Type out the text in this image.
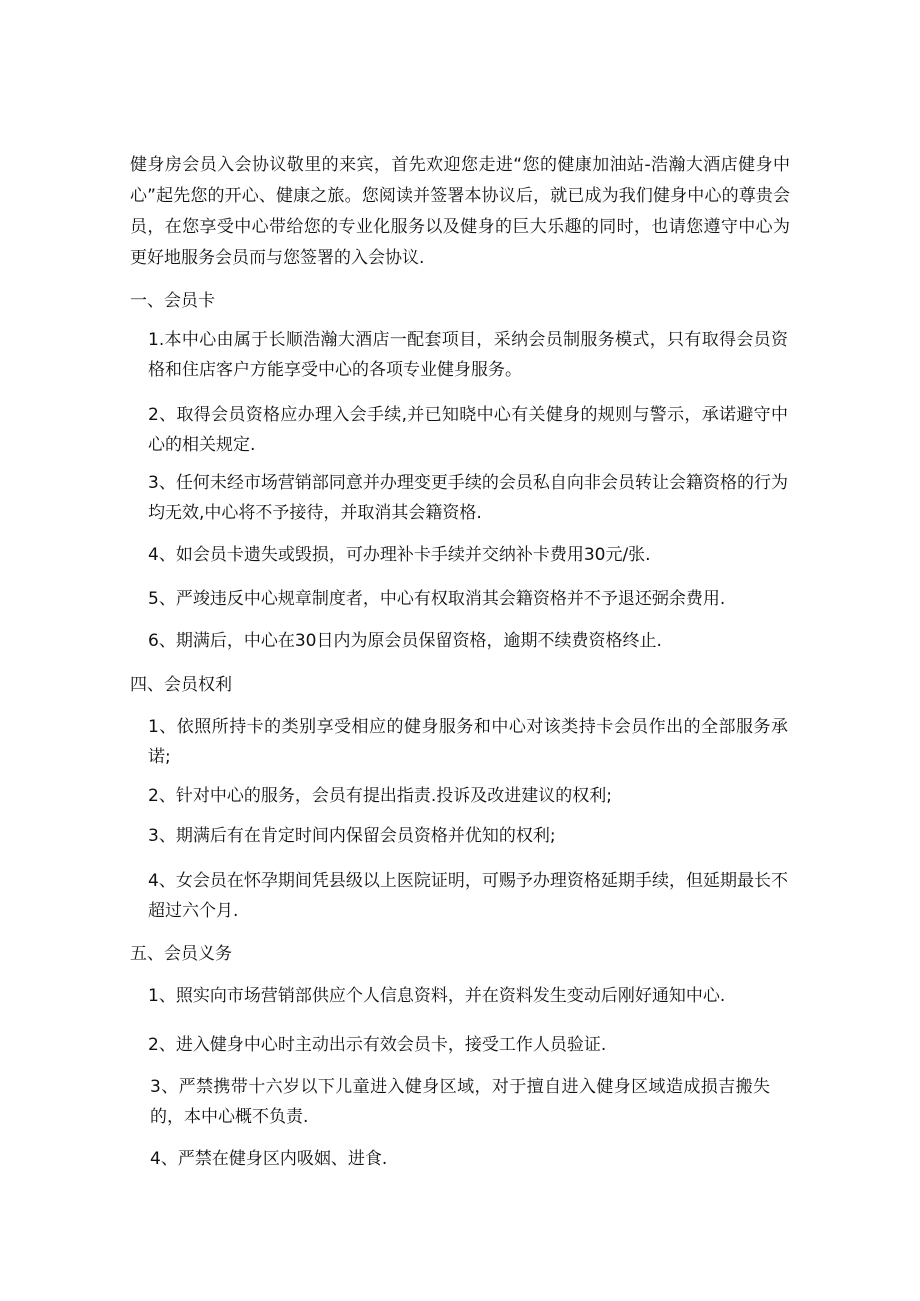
健身房会员入会协议敬里的来宾，首先欢迎您走进“您的健康加油站-浩瀚大酒店健身中心”起先您的开心、健康之旅。您阅读并签署本协议后，就已成为我们健身中心的尊贵会员，在您享受中心带给您的专业化服务以及健身的巨大乐趣的同时，也请您遵守中心为更好地服务会员而与您签署的入会协议.

一、会员卡

1.本中心由属于长顺浩瀚大酒店一配套项目，采纳会员制服务模式，只有取得会员资格和住店客户方能享受中心的各项专业健身服务。

2、取得会员资格应办理入会手续,并已知晓中心有关健身的规则与警示，承诺避守中心的相关规定.

3、任何未经市场营销部同意并办理变更手续的会员私自向非会员转让会籍资格的行为均无效,中心将不予接待，并取消其会籍资格.

4、如会员卡遗失或毁损，可办理补卡手续并交纳补卡费用30元/张.

5、严竣违反中心规章制度者，中心有权取消其会籍资格并不予退还弼余费用.

6、期满后，中心在30日内为原会员保留资格，逾期不续费资格终止.

四、会员权利

1、依照所持卡的类别享受相应的健身服务和中心对该类持卡会员作出的全部服务承诺;

2、针对中心的服务，会员有提出指责.投诉及改进建议的权利;

3、期满后有在肯定时间内保留会员资格并优知的权利;

4、女会员在怀孕期间凭县级以上医院证明，可赐予办理资格延期手续，但延期最长不超过六个月.

五、会员义务

1、照实向市场营销部供应个人信息资料，并在资料发生变动后刚好通知中心.

2、进入健身中心时主动出示有效会员卡，接受工作人员验证.

3、严禁携带十六岁以下儿童进入健身区域，对于擅自进入健身区域造成损吉搬失的，本中心概不负责.

4、严禁在健身区内吸姻、进食.
